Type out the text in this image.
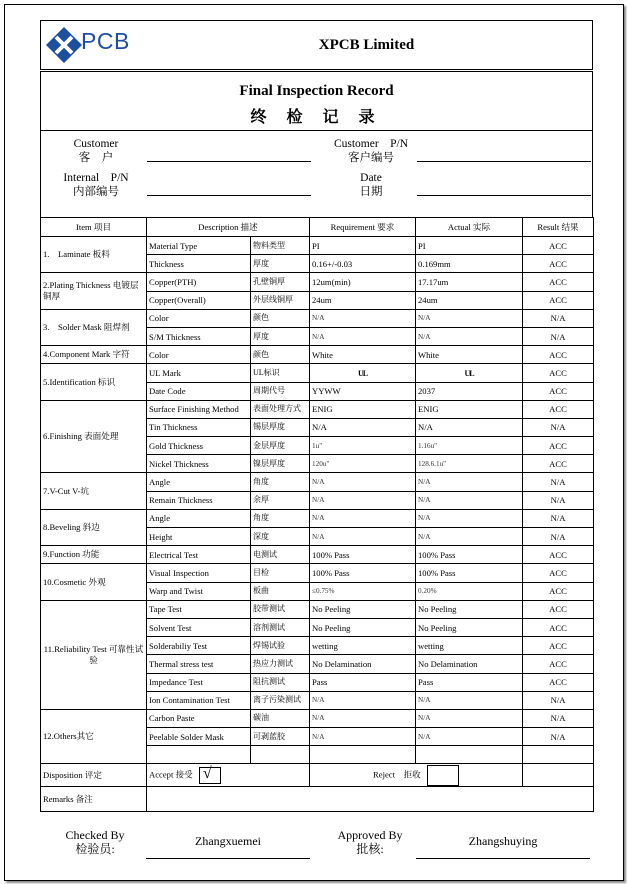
PCB	XPCB Limited
Final Inspection Record
终 检 记 录
Customer
客　户
Internal　P/N
内部编号
Customer　P/N
客户编号
Date
日期
Item 项目	Description 描述		Requirement 要求	Actual 实际	Result 结果
1.　Laminate 板料	Material Type	物料类型	PI	PI	ACC
	Thickness	厚度	0.16+/-0.03	0.169mm	ACC
2.Plating Thickness 电镀层铜厚	Copper(PTH)	孔壁铜厚	12um(min)	17.17um	ACC
	Copper(Overall)	外层线铜厚	24um	24um	ACC
3.　Solder Mask 阻焊剂	Color	颜色	N/A	N/A	N/A
	S/M Thickness	厚度	N/A	N/A	N/A
4.Component Mark 字符	Color	颜色	White	White	ACC
5.Identification 标识	UL Mark	UL标识	UL	UL	ACC
	Date Code	周期代号	YYWW	2037	ACC
6.Finishing 表面处理	Surface Finishing Method	表面处理方式	ENIG	ENIG	ACC
	Tin Thickness	锡层厚度	N/A	N/A	N/A
	Gold Thickness	金层厚度	1u"	1.16u"	ACC
	Nickel Thickness	镍层厚度	120u"	128.6.1u"	ACC
7.V-Cut V-坑	Angle	角度	N/A	N/A	N/A
	Remain Thickness	余厚	N/A	N/A	N/A
8.Beveling 斜边	Angle	角度	N/A	N/A	N/A
	Height	深度	N/A	N/A	N/A
9.Function 功能	Electrical Test	电测试	100% Pass	100% Pass	ACC
10.Cosmetic 外观	Visual Inspection	目检	100% Pass	100% Pass	ACC
	Warp and Twist	板曲	≤0.75%	0.20%	ACC
11.Reliability Test 可靠性试验	Tape Test	胶带测试	No Peeling	No Peeling	ACC
	Solvent Test	溶剂测试	No Peeling	No Peeling	ACC
	Solderabiliy Test	焊锡试验	wetting	wetting	ACC
	Thermal stress test	热应力测试	No Delamination	No Delamination	ACC
	Impedance Test	阻抗测试	Pass	Pass	ACC
	Ion Contamination Test	离子污染测试	N/A	N/A	N/A
12.Others其它	Carbon Paste	碳油	N/A	N/A	N/A
	Peelable Solder Mask	可剥蓝胶	N/A	N/A	N/A

Disposition 评定	Accept 接受 √		Reject　拒收		
Remarks 备注					
Checked By
检验员:
Zhangxuemei	Approved By
批核:
Zhangshuying
